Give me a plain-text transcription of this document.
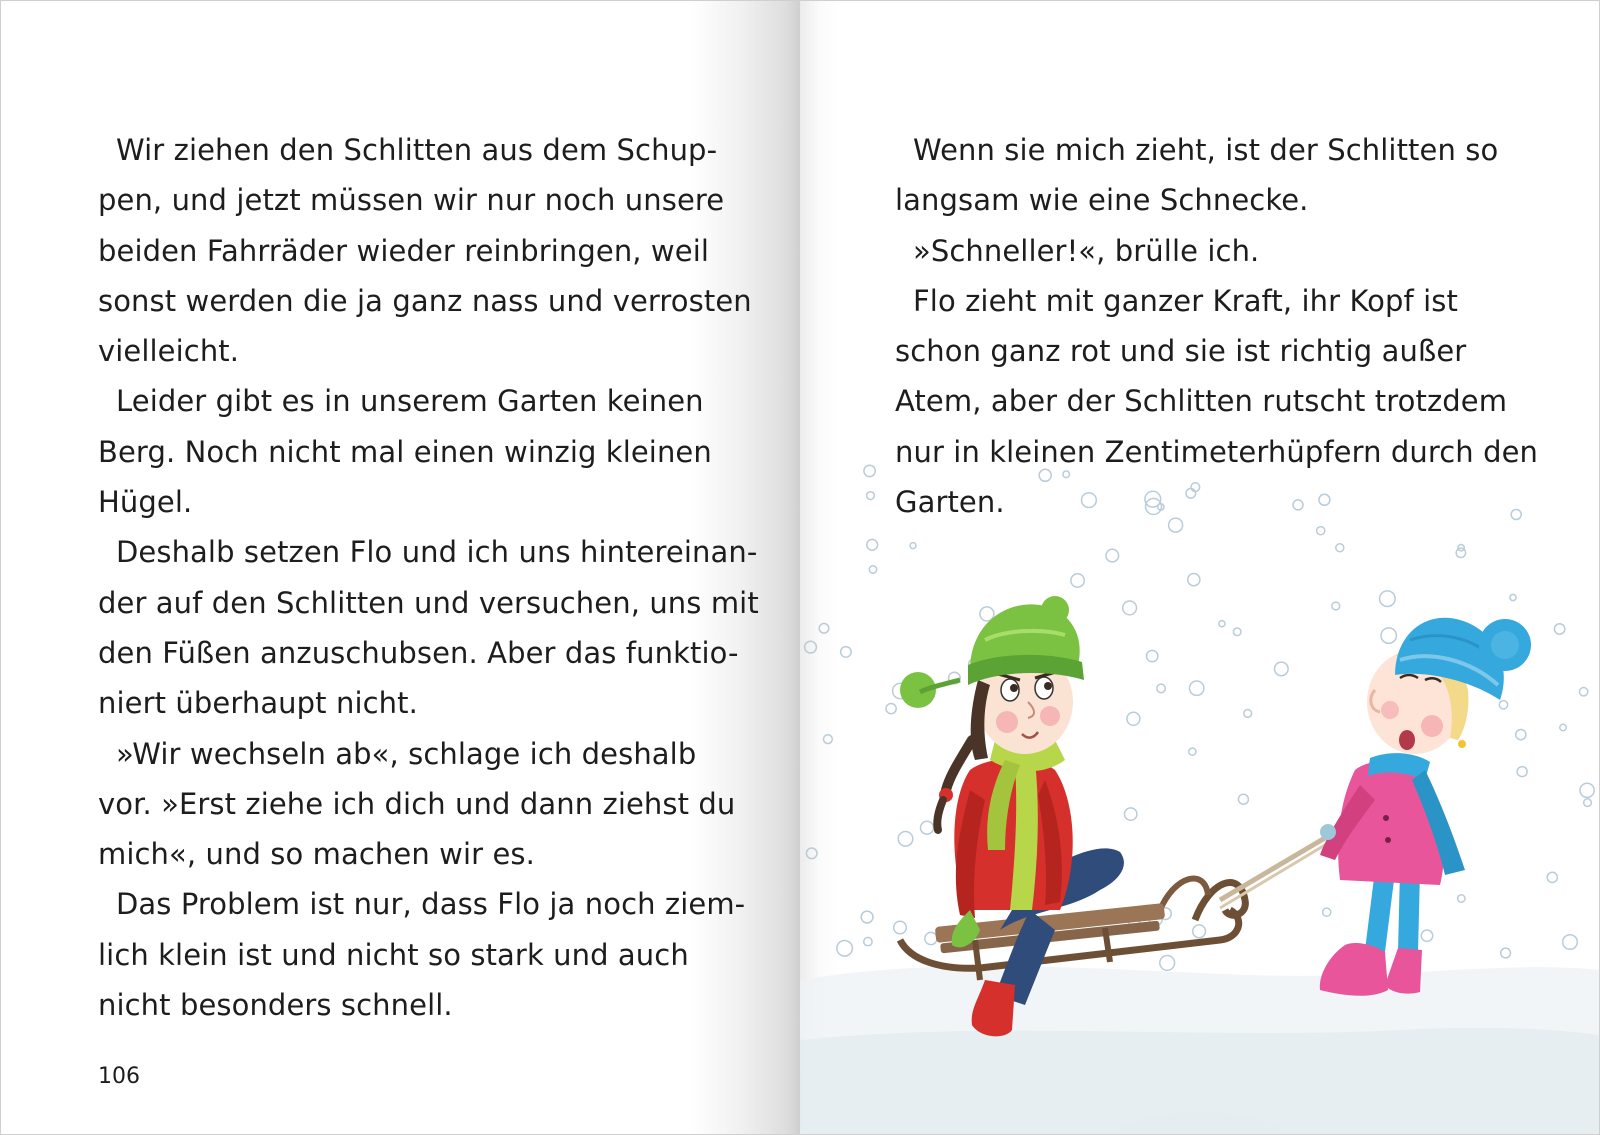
Wir ziehen den Schlitten aus dem Schup-
pen, und jetzt müssen wir nur noch unsere
beiden Fahrräder wieder reinbringen, weil
sonst werden die ja ganz nass und verrosten
vielleicht.
Leider gibt es in unserem Garten keinen
Berg. Noch nicht mal einen winzig kleinen
Hügel.
Deshalb setzen Flo und ich uns hintereinan-
der auf den Schlitten und versuchen, uns mit
den Füßen anzuschubsen. Aber das funktio-
niert überhaupt nicht.
»Wir wechseln ab«, schlage ich deshalb
vor. »Erst ziehe ich dich und dann ziehst du
mich«, und so machen wir es.
Das Problem ist nur, dass Flo ja noch ziem-
lich klein ist und nicht so stark und auch
nicht besonders schnell.
106
Wenn sie mich zieht, ist der Schlitten so
langsam wie eine Schnecke.
»Schneller!«, brülle ich.
Flo zieht mit ganzer Kraft, ihr Kopf ist
schon ganz rot und sie ist richtig außer
Atem, aber der Schlitten rutscht trotzdem
nur in kleinen Zentimeterhüpfern durch den
Garten.
